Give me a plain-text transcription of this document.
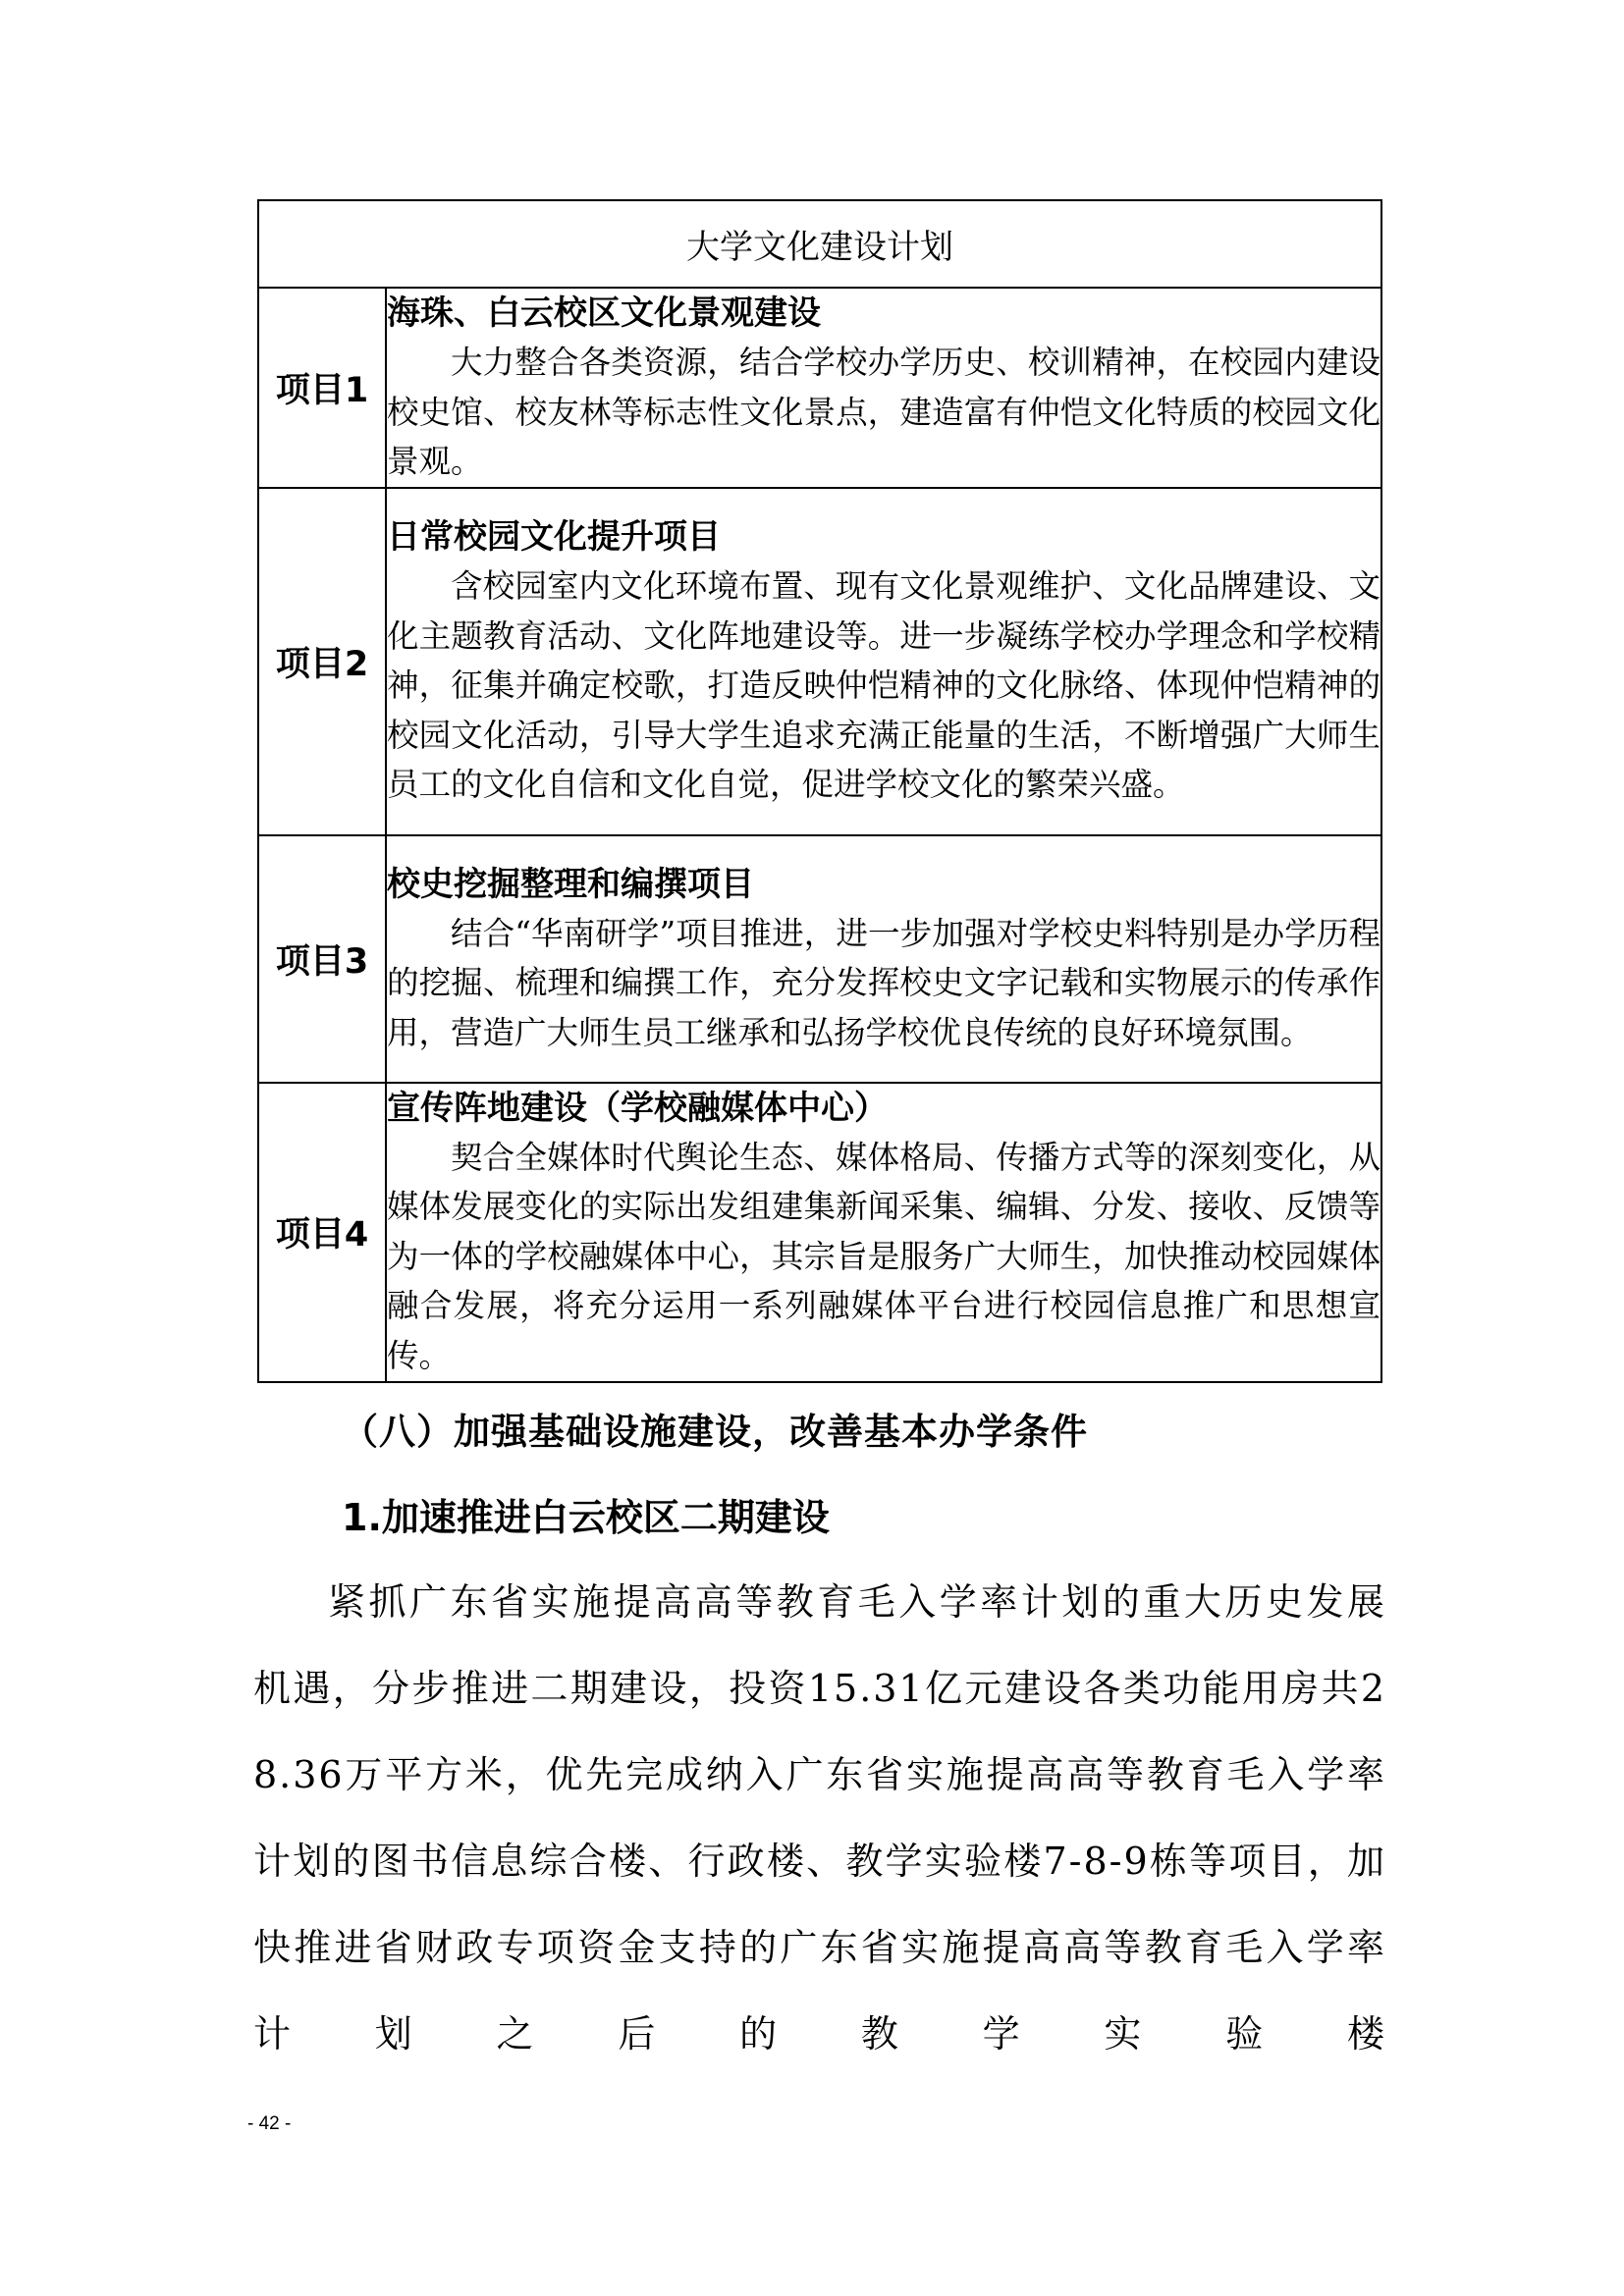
大学文化建设计划	
项目1	海珠、白云校区文化景观建设

大力整合各类资源，结合学校办学历史、校训精神，在校园内建设校史馆、校友林等标志性文化景点，建造富有仲恺文化特质的校园文化景观。

项目2	日常校园文化提升项目

含校园室内文化环境布置、现有文化景观维护、文化品牌建设、文化主题教育活动、文化阵地建设等。进一步凝练学校办学理念和学校精神，征集并确定校歌，打造反映仲恺精神的文化脉络、体现仲恺精神的校园文化活动，引导大学生追求充满正能量的生活，不断增强广大师生员工的文化自信和文化自觉，促进学校文化的繁荣兴盛。

项目3	校史挖掘整理和编撰项目

结合“华南研学”项目推进，进一步加强对学校史料特别是办学历程的挖掘、梳理和编撰工作，充分发挥校史文字记载和实物展示的传承作用，营造广大师生员工继承和弘扬学校优良传统的良好环境氛围。

项目4	宣传阵地建设（学校融媒体中心）

契合全媒体时代舆论生态、媒体格局、传播方式等的深刻变化，从媒体发展变化的实际出发组建集新闻采集、编辑、分发、接收、反馈等为一体的学校融媒体中心，其宗旨是服务广大师生，加快推动校园媒体融合发展，将充分运用一系列融媒体平台进行校园信息推广和思想宣传。

（八）加强基础设施建设，改善基本办学条件
1.加速推进白云校区二期建设

紧抓广东省实施提高高等教育毛入学率计划的重大历史发展机遇，分步推进二期建设，投资15.31亿元建设各类功能用房共28.36万平方米，优先完成纳入广东省实施提高高等教育毛入学率计划的图书信息综合楼、行政楼、教学实验楼7-8-9栋等项目，加快推进省财政专项资金支持的广东省实施提高高等教育毛入学率计划之后的教学实验楼

- 42 -
